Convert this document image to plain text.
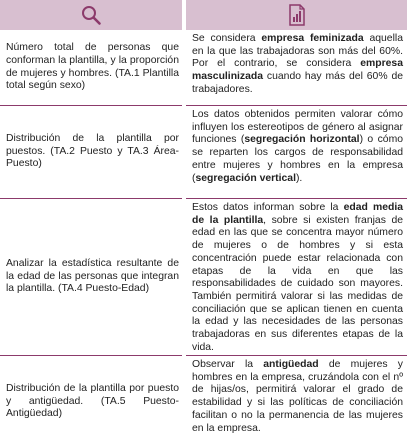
Número total de personas que conforman la plantilla, y la proporción de mujeres y hombres. (TA.1 Plantilla total según sexo)

Se considera empresa feminizada aquella en la que las trabajadoras son más del 60%. Por el contrario, se considera empresa masculinizada cuando hay más del 60% de trabajadores.

Distribución de la plantilla por puestos. (TA.2 Puesto y TA.3 Área-Puesto)

Los datos obtenidos permiten valorar cómo influyen los estereotipos de género al asignar funciones (segregación horizontal) o cómo se reparten los cargos de responsabilidad entre mujeres y hombres en la empresa (segregación vertical).

Analizar la estadística resultante de la edad de las personas que integran la plantilla. (TA.4 Puesto-Edad)

Estos datos informan sobre la edad media de la plantilla, sobre si existen franjas de edad en las que se concentra mayor número de mujeres o de hombres y si esta concentración puede estar relacionada con etapas de la vida en que las responsabilidades de cuidado son mayores. También permitirá valorar si las medidas de conciliación que se aplican tienen en cuenta la edad y las necesidades de las personas trabajadoras en sus diferentes etapas de la vida.

Distribución de la plantilla por puesto y antigüedad. (TA.5 Puesto-Antigüedad)

Observar la antigüedad de mujeres y hombres en la empresa, cruzándola con el nº de hijas/os, permitirá valorar el grado de estabilidad y si las políticas de conciliación facilitan o no la permanencia de las mujeres en la empresa.
